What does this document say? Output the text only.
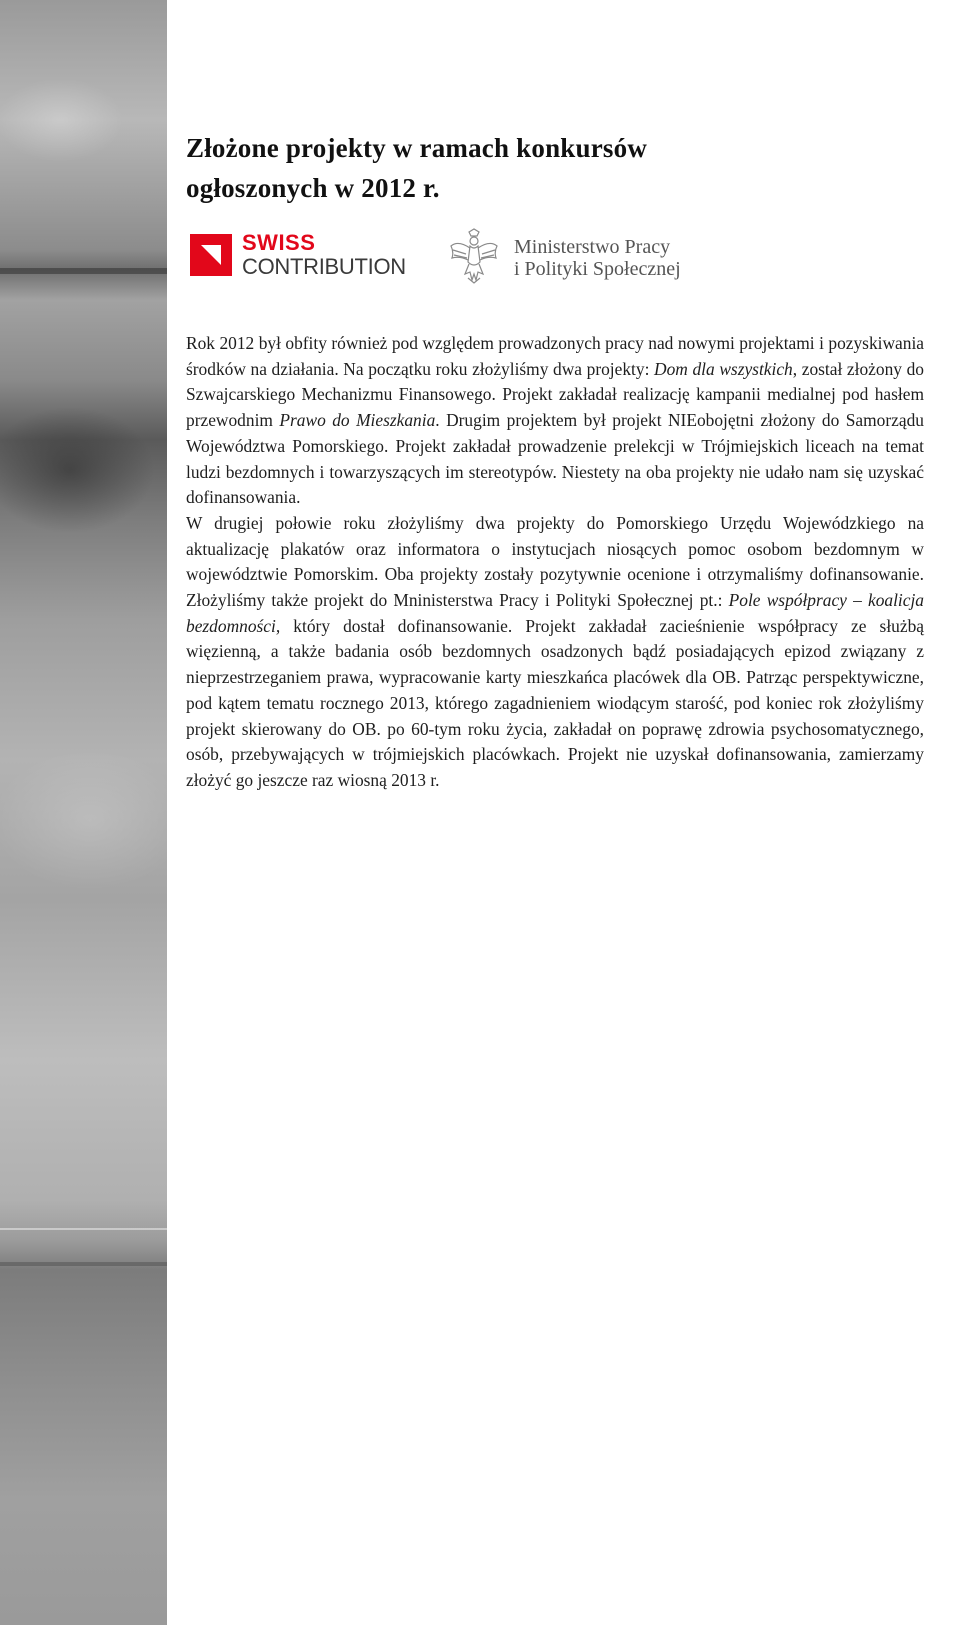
Złożone projekty w ramach konkursów
ogłoszonych w 2012 r.
SWISS
CONTRIBUTION
Ministerstwo Pracy
i Polityki Społecznej

Rok 2012 był obfity również pod względem prowadzonych pracy nad nowymi projektami i pozyskiwania środków na działania. Na początku roku złożyliśmy dwa projekty: Dom dla wszystkich, został złożony do Szwajcarskiego Mechanizmu Finansowego. Projekt zakładał realizację kampanii medialnej pod hasłem przewodnim Prawo do Mieszkania. Drugim projektem był projekt NIEobojętni złożony do Samorządu Województwa Pomorskiego. Projekt zakładał prowadzenie prelekcji w Trójmiejskich liceach na temat ludzi bezdomnych i towarzyszących im stereotypów. Niestety na oba projekty nie udało nam się uzyskać dofinansowania.

W drugiej połowie roku złożyliśmy dwa projekty do Pomorskiego Urzędu Wojewódzkiego na aktualizację plakatów oraz informatora o instytucjach niosących pomoc osobom bezdomnym w województwie Pomorskim. Oba projekty zostały pozytywnie ocenione i otrzymaliśmy dofinansowanie. Złożyliśmy także projekt do Mninisterstwa Pracy i Polityki Społecznej pt.: Pole współpracy – koalicja bezdomności, który dostał dofinansowanie. Projekt zakładał zacieśnienie współpracy ze służbą więzienną, a także badania osób bezdomnych osadzonych bądź posiadających epizod związany z nieprzestrzeganiem prawa, wypracowanie karty mieszkańca placówek dla OB. Patrząc perspektywiczne, pod kątem tematu rocznego 2013, którego zagadnieniem wiodącym starość, pod koniec rok złożyliśmy projekt skierowany do OB. po 60-tym roku życia, zakładał on poprawę zdrowia psychosomatycznego, osób, przebywających w trójmiejskich placówkach. Projekt nie uzyskał dofinansowania, zamierzamy złożyć go jeszcze raz wiosną 2013 r.
